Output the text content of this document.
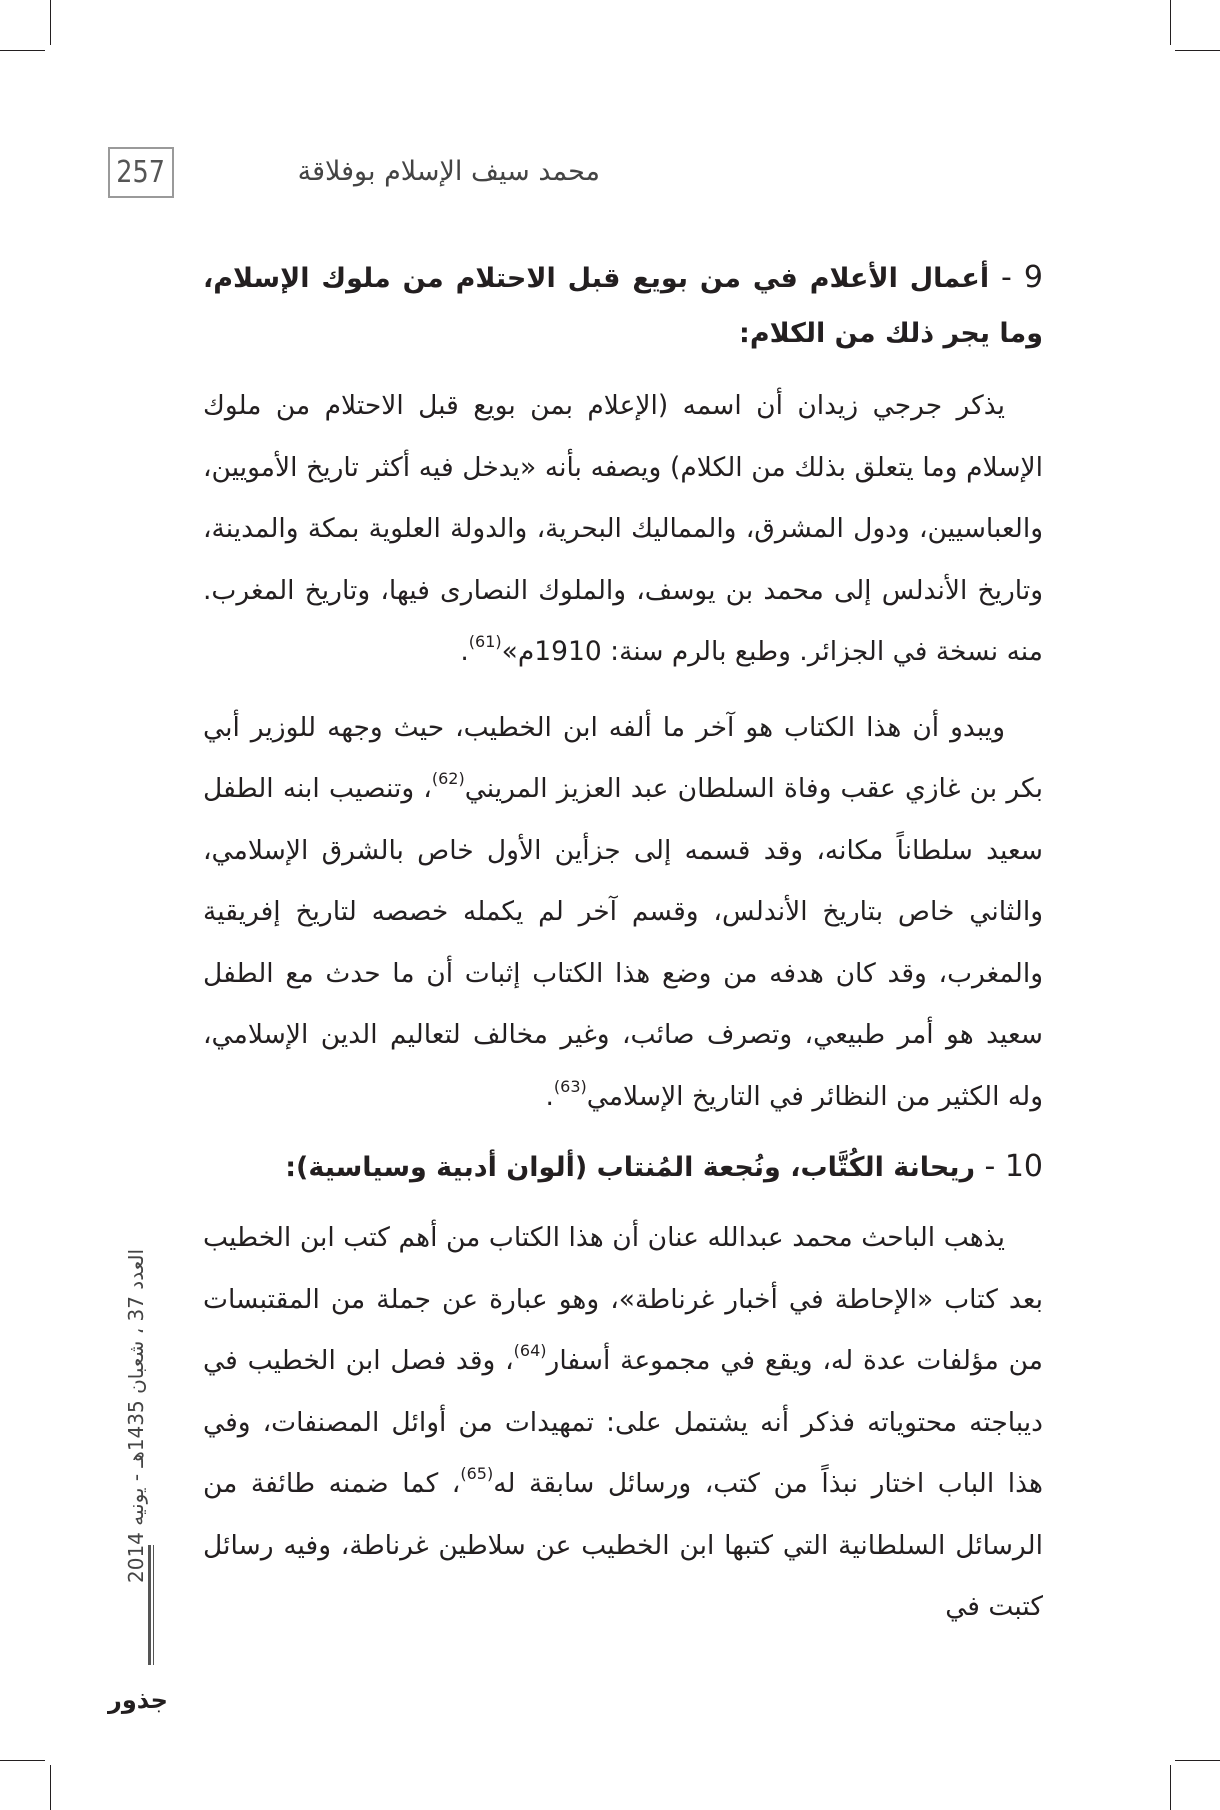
257	محمد سيف الإسلام بوفلاقة

9 - أعمال الأعلام في من بويع قبل الاحتلام من ملوك الإسلام، وما يجر ذلك من الكلام:

يذكر جرجي زيدان أن اسمه (الإعلام بمن بويع قبل الاحتلام من ملوك الإسلام وما يتعلق بذلك من الكلام) ويصفه بأنه «يدخل فيه أكثر تاريخ الأمويين، والعباسيين، ودول المشرق، والمماليك البحرية، والدولة العلوية بمكة والمدينة، وتاريخ الأندلس إلى محمد بن يوسف، والملوك النصارى فيها، وتاريخ المغرب. منه نسخة في الجزائر. وطبع بالرم سنة: 1910م»$^{(61)}$.

ويبدو أن هذا الكتاب هو آخر ما ألفه ابن الخطيب، حيث وجهه للوزير أبي بكر بن غازي عقب وفاة السلطان عبد العزيز المريني$^{(62)}$، وتنصيب ابنه الطفل سعيد سلطاناً مكانه، وقد قسمه إلى جزأين الأول خاص بالشرق الإسلامي، والثاني خاص بتاريخ الأندلس، وقسم آخر لم يكمله خصصه لتاريخ إفريقية والمغرب، وقد كان هدفه من وضع هذا الكتاب إثبات أن ما حدث مع الطفل سعيد هو أمر طبيعي، وتصرف صائب، وغير مخالف لتعاليم الدين الإسلامي، وله الكثير من النظائر في التاريخ الإسلامي$^{(63)}$.

10 - ريحانة الكُتَّاب، ونُجعة المُنتاب (ألوان أدبية وسياسية):

يذهب الباحث محمد عبدالله عنان أن هذا الكتاب من أهم كتب ابن الخطيب بعد كتاب «الإحاطة في أخبار غرناطة»، وهو عبارة عن جملة من المقتبسات من مؤلفات عدة له، ويقع في مجموعة أسفار$^{(64)}$، وقد فصل ابن الخطيب في ديباجته محتوياته فذكر أنه يشتمل على: تمهيدات من أوائل المصنفات، وفي هذا الباب اختار نبذاً من كتب، ورسائل سابقة له$^{(65)}$، كما ضمنه طائفة من الرسائل السلطانية التي كتبها ابن الخطيب عن سلاطين غرناطة، وفيه رسائل كتبت في

العدد 37 ، شعبان 1435هـ - يونيه 2014
جذور
